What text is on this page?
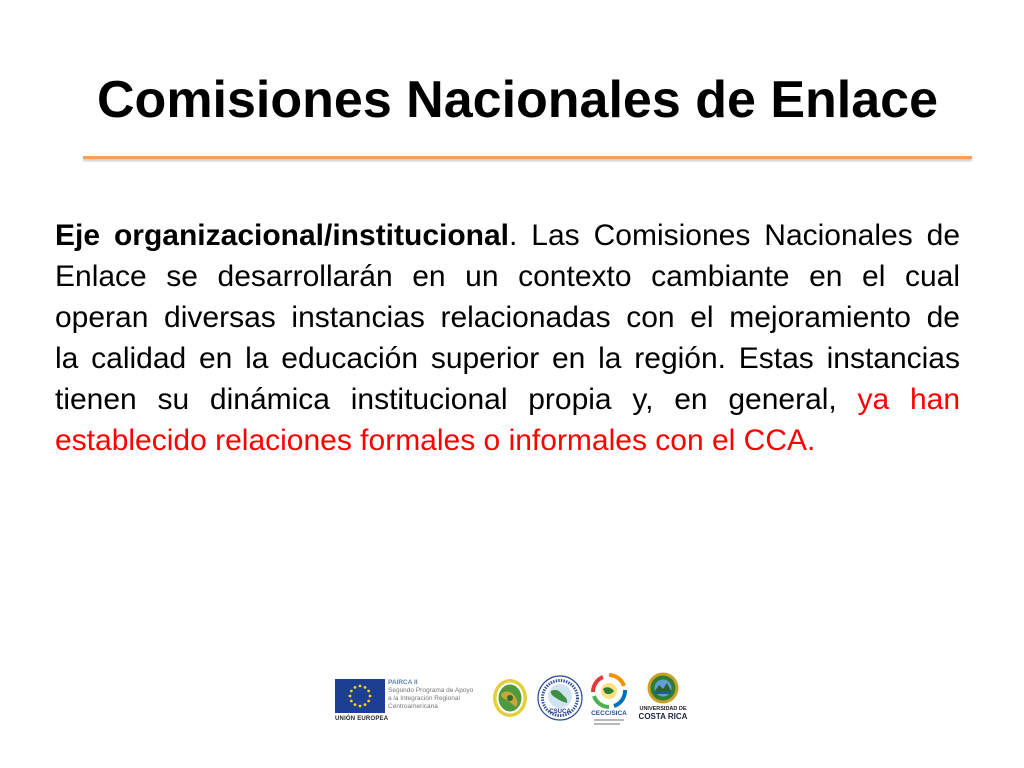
Comisiones Nacionales de Enlace
Eje organizacional/institucional. Las Comisiones Nacionales de
Enlace se desarrollarán en un contexto cambiante en el cual
operan diversas instancias relacionadas con el mejoramiento de
la calidad en la educación superior en la región. Estas instancias
tienen su dinámica institucional propia y, en general, ya han
establecido relaciones formales o informales con el CCA.
UNIÓN EUROPEA
PAIRCA II
Segundo Programa de Apoyo
a la Integración Regional
Centroamericana
CSUCA	CECC/SICA
UNIVERSIDAD DE
COSTA RICA
